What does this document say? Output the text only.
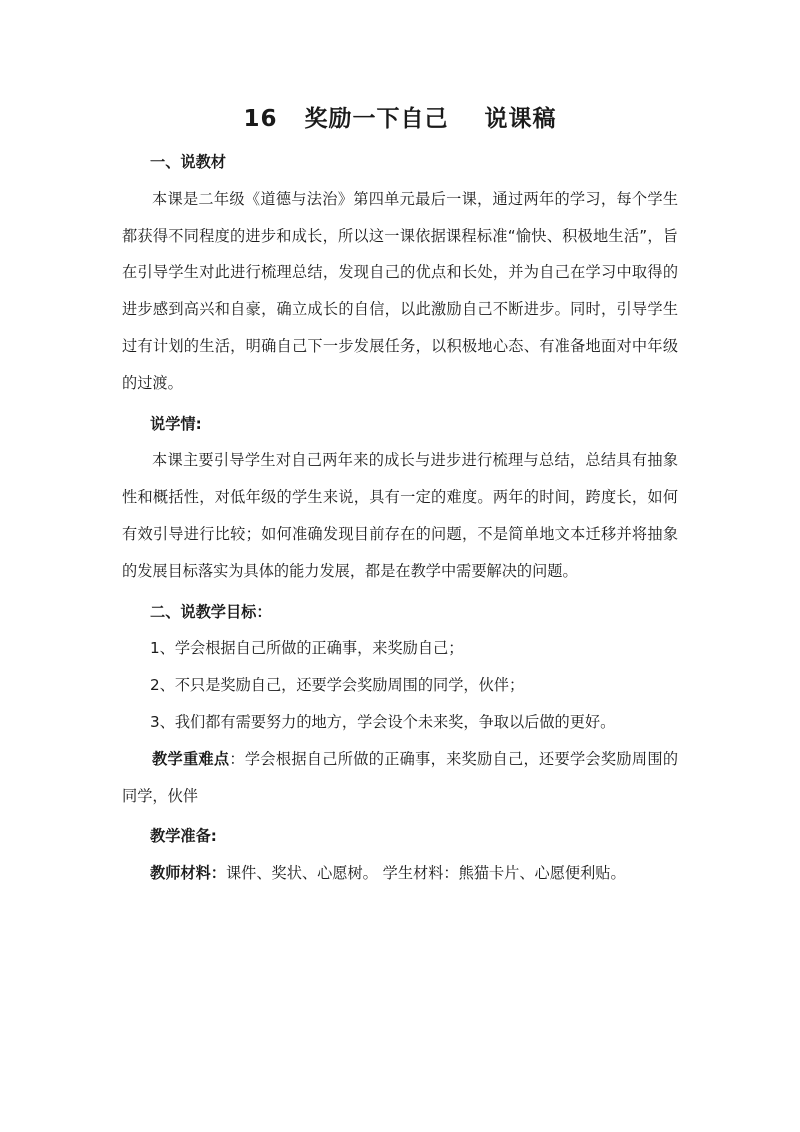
16   奖励一下自己    说课稿

一、说教材

本课是二年级《道德与法治》第四单元最后一课，通过两年的学习，每个学生都获得不同程度的进步和成长，所以这一课依据课程标准“愉快、积极地生活”，旨在引导学生对此进行梳理总结，发现自己的优点和长处，并为自己在学习中取得的进步感到高兴和自豪，确立成长的自信，以此激励自己不断进步。同时，引导学生过有计划的生活，明确自己下一步发展任务，以积极地心态、有准备地面对中年级的过渡。

说学情:

本课主要引导学生对自己两年来的成长与进步进行梳理与总结，总结具有抽象性和概括性，对低年级的学生来说，具有一定的难度。两年的时间，跨度长，如何有效引导进行比较；如何准确发现目前存在的问题，不是简单地文本迁移并将抽象的发展目标落实为具体的能力发展，都是在教学中需要解决的问题。

二、说教学目标：

1、学会根据自己所做的正确事，来奖励自己；

2、不只是奖励自己，还要学会奖励周围的同学，伙伴；

3、我们都有需要努力的地方，学会设个未来奖，争取以后做的更好。

教学重难点：学会根据自己所做的正确事，来奖励自己，还要学会奖励周围的同学，伙伴

教学准备:

教师材料：课件、奖状、心愿树。 学生材料：熊猫卡片、心愿便利贴。
